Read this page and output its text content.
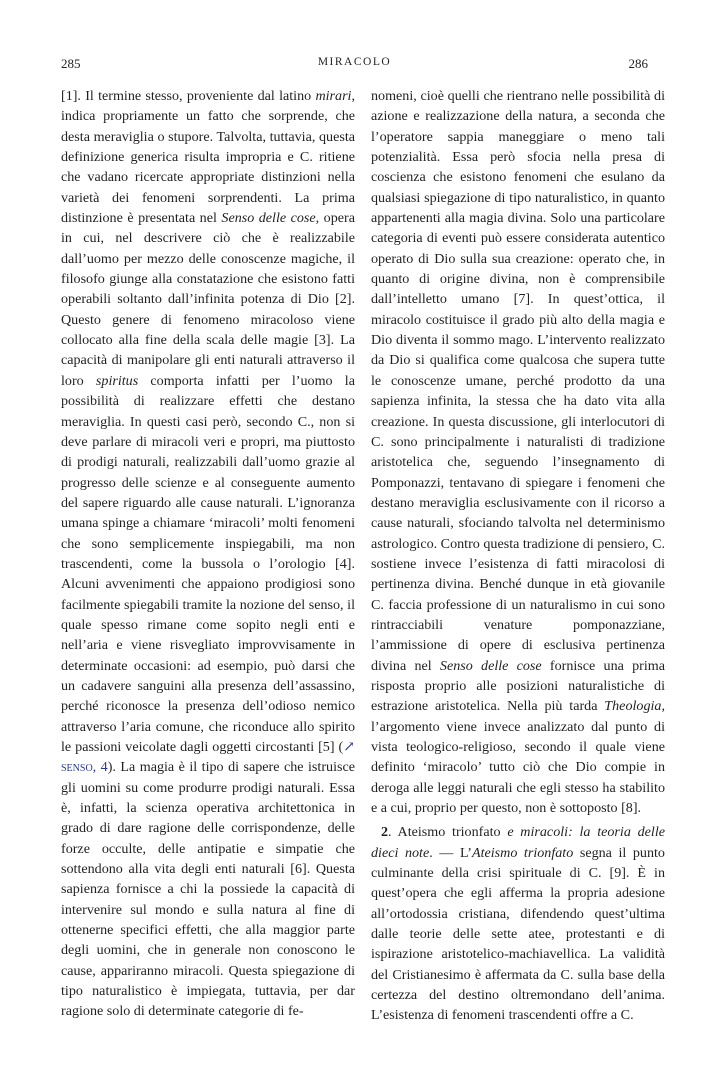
285	MIRACOLO	286

[1]. Il termine stesso, proveniente dal latino mirari, indica propriamente un fatto che sorprende, che desta meraviglia o stupore. Talvolta, tuttavia, questa definizione generica risulta impropria e C. ritiene che vadano ricercate appropriate distinzioni nella varietà dei fenomeni sorprendenti. La prima distinzione è presentata nel Senso delle cose, opera in cui, nel descrivere ciò che è realizzabile dall’uomo per mezzo delle conoscenze magiche, il filosofo giunge alla constatazione che esistono fatti operabili soltanto dall’infinita potenza di Dio [2]. Questo genere di fenomeno miracoloso viene collocato alla fine della scala delle magie [3]. La capacità di manipolare gli enti naturali attraverso il loro spiritus comporta infatti per l’uomo la possibilità di realizzare effetti che destano meraviglia. In questi casi però, secondo C., non si deve parlare di miracoli veri e propri, ma piuttosto di prodigi naturali, realizzabili dall’uomo grazie al progresso delle scienze e al conseguente aumento del sapere riguardo alle cause naturali. L’ignoranza umana spinge a chiamare ‘miracoli’ molti fenomeni che sono semplicemente inspiegabili, ma non trascendenti, come la bussola o l’orologio [4]. Alcuni avvenimenti che appaiono prodigiosi sono facilmente spiegabili tramite la nozione del senso, il quale spesso rimane come sopito negli enti e nell’aria e viene risvegliato improvvisamente in determinate occasioni: ad esempio, può darsi che un cadavere sanguini alla presenza dell’assassino, perché riconosce la presenza dell’odioso nemico attraverso l’aria comune, che riconduce allo spirito le passioni veicolate dagli oggetti circostanti [5] (↗ senso, 4). La magia è il tipo di sapere che istruisce gli uomini su come produrre prodigi naturali. Essa è, infatti, la scienza operativa architettonica in grado di dare ragione delle corrispondenze, delle forze occulte, delle antipatie e simpatie che sottendono alla vita degli enti naturali [6]. Questa sapienza fornisce a chi la possiede la capacità di intervenire sul mondo e sulla natura al fine di ottenerne specifici effetti, che alla maggior parte degli uomini, che in generale non conoscono le cause, appariranno miracoli. Questa spiegazione di tipo naturalistico è impiegata, tuttavia, per dar ragione solo di determinate categorie di fe-

nomeni, cioè quelli che rientrano nelle possibilità di azione e realizzazione della natura, a seconda che l’operatore sappia maneggiare o meno tali potenzialità. Essa però sfocia nella presa di coscienza che esistono fenomeni che esulano da qualsiasi spiegazione di tipo naturalistico, in quanto appartenenti alla magia divina. Solo una particolare categoria di eventi può essere considerata autentico operato di Dio sulla sua creazione: operato che, in quanto di origine divina, non è comprensibile dall’intelletto umano [7]. In quest’ottica, il miracolo costituisce il grado più alto della magia e Dio diventa il sommo mago. L’intervento realizzato da Dio si qualifica come qualcosa che supera tutte le conoscenze umane, perché prodotto da una sapienza infinita, la stessa che ha dato vita alla creazione. In questa discussione, gli interlocutori di C. sono principalmente i naturalisti di tradizione aristotelica che, seguendo l’insegnamento di Pomponazzi, tentavano di spiegare i fenomeni che destano meraviglia esclusivamente con il ricorso a cause naturali, sfociando talvolta nel determinismo astrologico. Contro questa tradizione di pensiero, C. sostiene invece l’esistenza di fatti miracolosi di pertinenza divina. Benché dunque in età giovanile C. faccia professione di un naturalismo in cui sono rintracciabili venature pomponazziane, l’ammissione di opere di esclusiva pertinenza divina nel Senso delle cose fornisce una prima risposta proprio alle posizioni naturalistiche di estrazione aristotelica. Nella più tarda Theologia, l’argomento viene invece analizzato dal punto di vista teologico-religioso, secondo il quale viene definito ‘miracolo’ tutto ciò che Dio compie in deroga alle leggi naturali che egli stesso ha stabilito e a cui, proprio per questo, non è sottoposto [8].

2. Ateismo trionfato e miracoli: la teoria delle dieci note. — L’Ateismo trionfato segna il punto culminante della crisi spirituale di C. [9]. È in quest’opera che egli afferma la propria adesione all’ortodossia cristiana, difendendo quest’ultima dalle teorie delle sette atee, protestanti e di ispirazione aristotelico-machiavellica. La validità del Cristianesimo è affermata da C. sulla base della certezza del destino oltremondano dell’anima. L’esistenza di fenomeni trascendenti offre a C.
